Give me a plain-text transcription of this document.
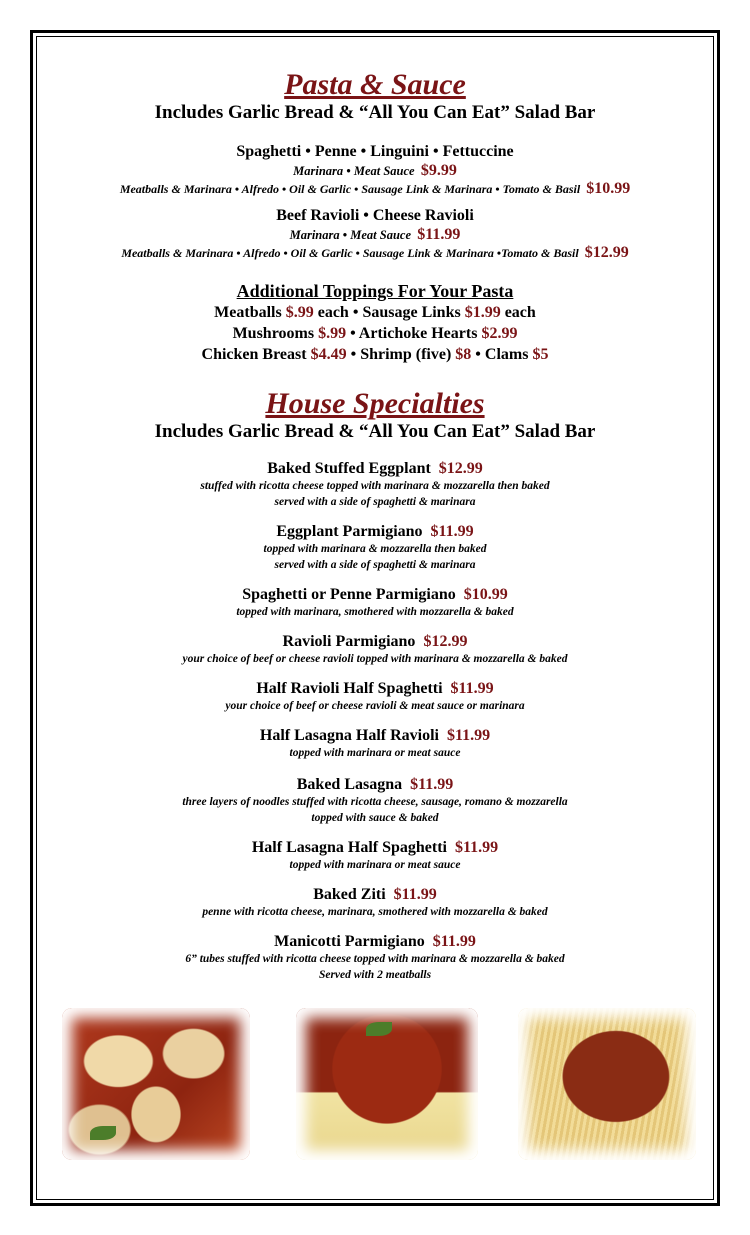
Pasta & Sauce

Includes Garlic Bread & “All You Can Eat” Salad Bar

Spaghetti • Penne • Linguini • Fettuccine

Marinara • Meat Sauce $9.99

Meatballs & Marinara • Alfredo • Oil & Garlic • Sausage Link & Marinara • Tomato & Basil $10.99

Beef Ravioli • Cheese Ravioli

Marinara • Meat Sauce $11.99

Meatballs & Marinara • Alfredo • Oil & Garlic • Sausage Link & Marinara •Tomato & Basil $12.99

Additional Toppings For Your Pasta

Meatballs $.99 each • Sausage Links $1.99 each

Mushrooms $.99 • Artichoke Hearts $2.99

Chicken Breast $4.49 • Shrimp (five) $8 • Clams $5

House Specialties

Includes Garlic Bread & “All You Can Eat” Salad Bar

Baked Stuffed Eggplant $12.99

stuffed with ricotta cheese topped with marinara & mozzarella then baked

served with a side of spaghetti & marinara

Eggplant Parmigiano $11.99

topped with marinara & mozzarella then baked

served with a side of spaghetti & marinara

Spaghetti or Penne Parmigiano $10.99

topped with marinara, smothered with mozzarella & baked

Ravioli Parmigiano $12.99

your choice of beef or cheese ravioli topped with marinara & mozzarella & baked

Half Ravioli Half Spaghetti $11.99

your choice of beef or cheese ravioli & meat sauce or marinara

Half Lasagna Half Ravioli $11.99

topped with marinara or meat sauce

Baked Lasagna $11.99

three layers of noodles stuffed with ricotta cheese, sausage, romano & mozzarella

topped with sauce & baked

Half Lasagna Half Spaghetti $11.99

topped with marinara or meat sauce

Baked Ziti $11.99

penne with ricotta cheese, marinara, smothered with mozzarella & baked

Manicotti Parmigiano $11.99

6” tubes stuffed with ricotta cheese topped with marinara & mozzarella & baked

Served with 2 meatballs
